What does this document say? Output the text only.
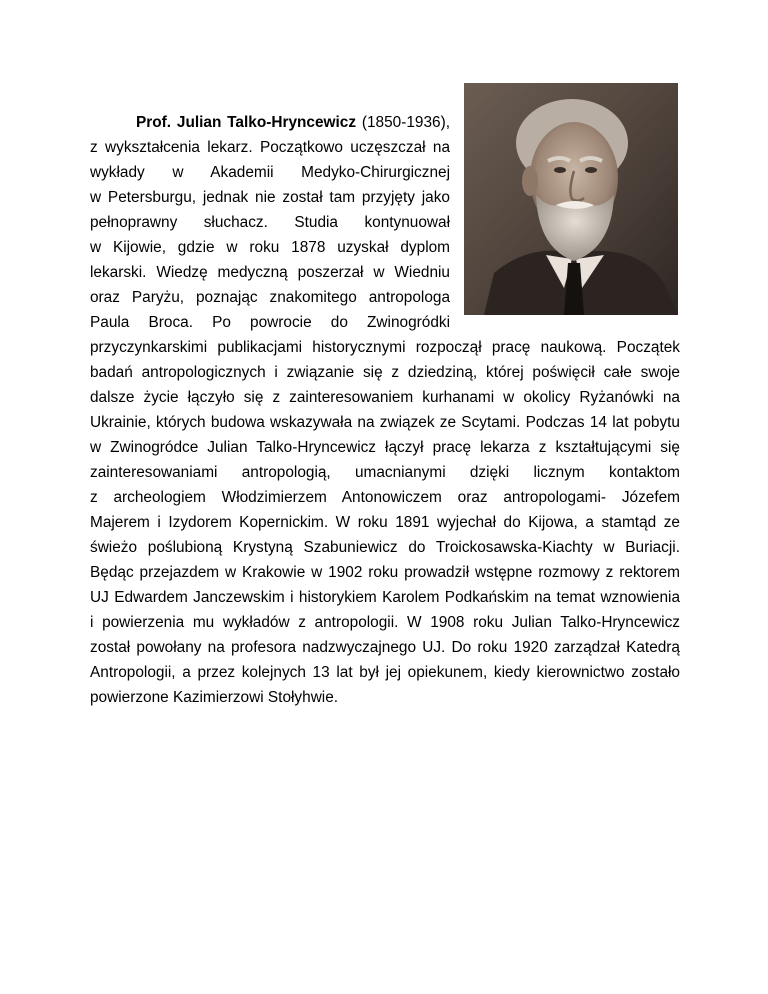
Prof. Julian Talko-Hryncewicz (1850-1936),
z wykształcenia lekarz. Początkowo uczęszczał na
wykłady w Akademii Medyko-Chirurgicznej
w Petersburgu, jednak nie został tam przyjęty jako
pełnoprawny słuchacz. Studia kontynuował
w Kijowie, gdzie w roku 1878 uzyskał dyplom
lekarski. Wiedzę medyczną poszerzał w Wiedniu
oraz Paryżu, poznając znakomitego antropologa
Paula Broca. Po powrocie do Zwinogródki
przyczynkarskimi publikacjami historycznymi rozpoczął pracę naukową. Początek
badań antropologicznych i związanie się z dziedziną, której poświęcił całe swoje
dalsze życie łączyło się z zainteresowaniem kurhanami w okolicy Ryżanówki na
Ukrainie, których budowa wskazywała na związek ze Scytami. Podczas 14 lat pobytu
w Zwinogródce Julian Talko-Hryncewicz łączył pracę lekarza z kształtującymi się
zainteresowaniami antropologią, umacnianymi dzięki licznym kontaktom
z archeologiem Włodzimierzem Antonowiczem oraz antropologami- Józefem
Majerem i Izydorem Kopernickim. W roku 1891 wyjechał do Kijowa, a stamtąd ze
świeżo poślubioną Krystyną Szabuniewicz do Troickosawska-Kiachty w Buriacji.
Będąc przejazdem w Krakowie w 1902 roku prowadził wstępne rozmowy z rektorem
UJ Edwardem Janczewskim i historykiem Karolem Podkańskim na temat wznowienia
i powierzenia mu wykładów z antropologii. W 1908 roku Julian Talko-Hryncewicz
został powołany na profesora nadzwyczajnego UJ. Do roku 1920 zarządzał Katedrą
Antropologii, a przez kolejnych 13 lat był jej opiekunem, kiedy kierownictwo zostało
powierzone Kazimierzowi Stołyhwie.
